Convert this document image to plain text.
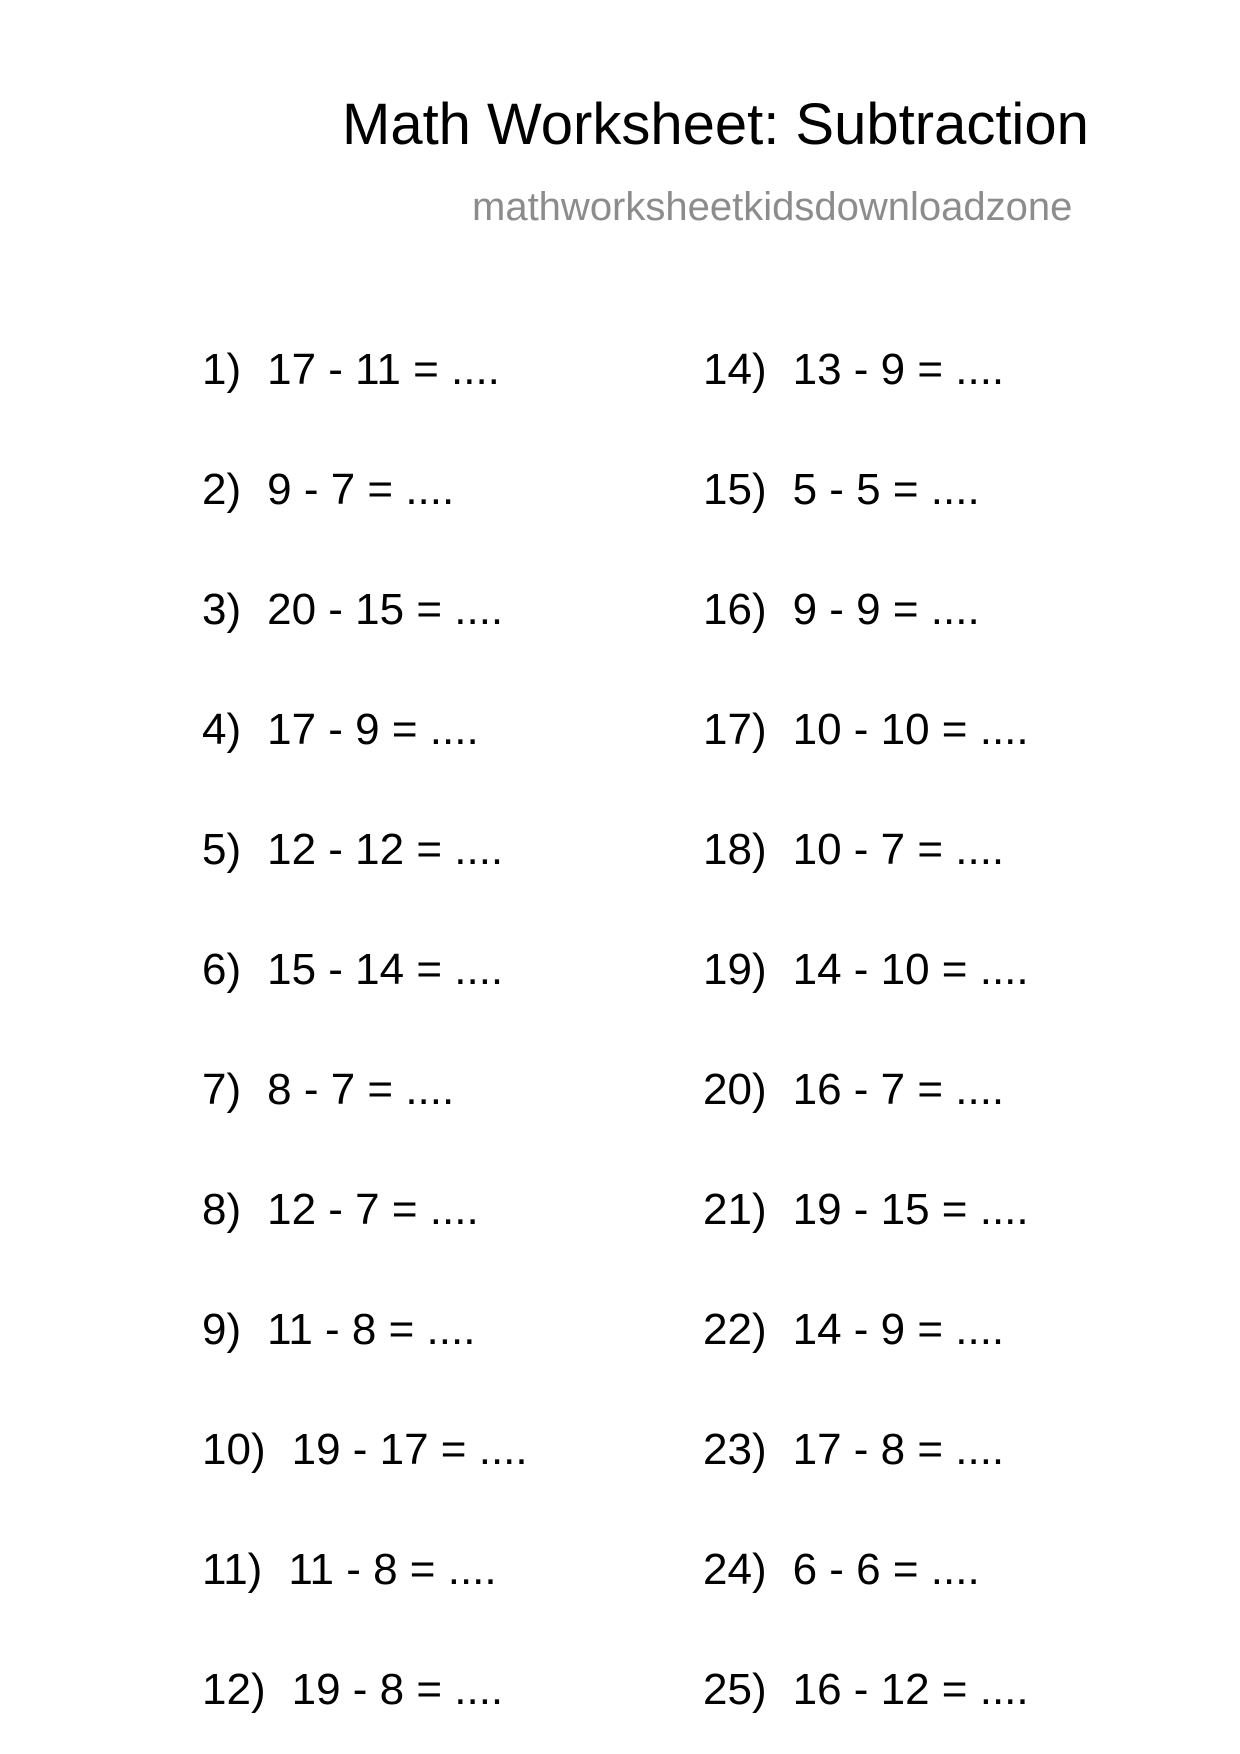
Math Worksheet: Subtraction
mathworksheetkidsdownloadzone
1) 17 - 11 = ....
2) 9 - 7 = ....
3) 20 - 15 = ....
4) 17 - 9 = ....
5) 12 - 12 = ....
6) 15 - 14 = ....
7) 8 - 7 = ....
8) 12 - 7 = ....
9) 11 - 8 = ....
10) 19 - 17 = ....
11) 11 - 8 = ....
12) 19 - 8 = ....
14) 13 - 9 = ....
15) 5 - 5 = ....
16) 9 - 9 = ....
17) 10 - 10 = ....
18) 10 - 7 = ....
19) 14 - 10 = ....
20) 16 - 7 = ....
21) 19 - 15 = ....
22) 14 - 9 = ....
23) 17 - 8 = ....
24) 6 - 6 = ....
25) 16 - 12 = ....
